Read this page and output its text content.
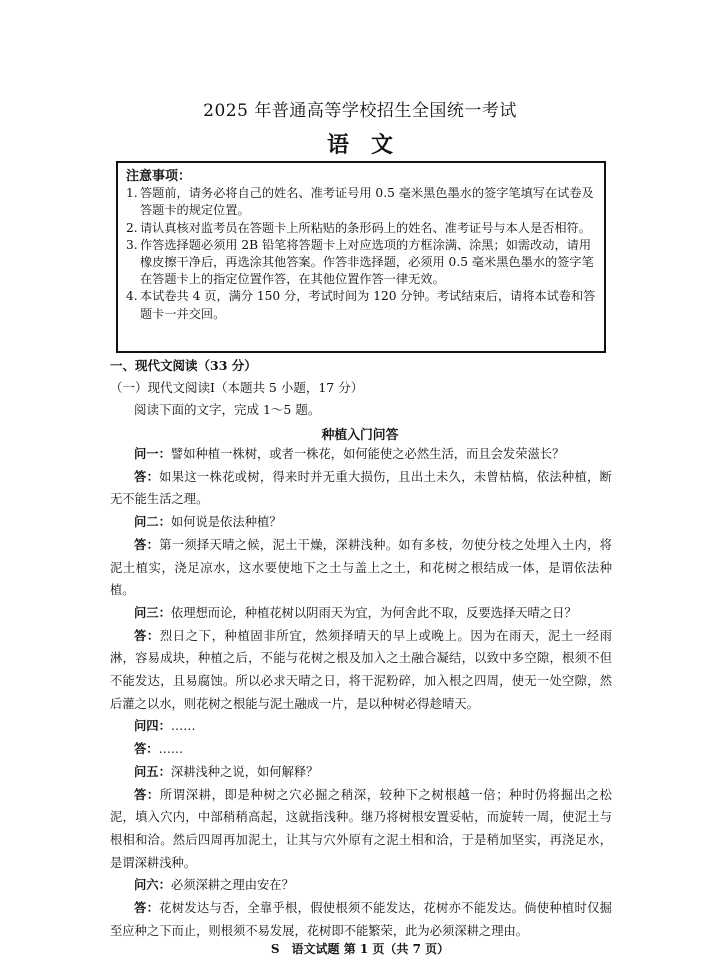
2025 年普通高等学校招生全国统一考试
语文
注意事项：
1. 答题前，请务必将自己的姓名、准考证号用 0.5 毫米黑色墨水的签字笔填写在试卷及答题卡的规定位置。
2. 请认真核对监考员在答题卡上所粘贴的条形码上的姓名、准考证号与本人是否相符。
3. 作答选择题必须用 2B 铅笔将答题卡上对应选项的方框涂满、涂黑；如需改动，请用橡皮擦干净后，再选涂其他答案。作答非选择题，必须用 0.5 毫米黑色墨水的签字笔在答题卡上的指定位置作答，在其他位置作答一律无效。
4. 本试卷共 4 页，满分 150 分，考试时间为 120 分钟。考试结束后，请将本试卷和答题卡一并交回。
一、现代文阅读（33 分）
（一）现代文阅读Ⅰ（本题共 5 小题，17 分）
阅读下面的文字，完成 1～5 题。
种植入门问答

问一：譬如种植一株树，或者一株花，如何能使之必然生活，而且会发荣滋长？

答：如果这一株花或树，得来时并无重大损伤，且出土未久，未曾枯槁，依法种植，断无不能生活之理。

问二：如何说是依法种植？

答：第一须择天晴之候，泥土干燥，深耕浅种。如有多枝，勿使分枝之处埋入土内，将泥土植实，浇足凉水，这水要使地下之土与盖上之土，和花树之根结成一体，是谓依法种植。

问三：依理想而论，种植花树以阴雨天为宜，为何舍此不取，反要选择天晴之日？

答：烈日之下，种植固非所宜，然须择晴天的早上或晚上。因为在雨天，泥土一经雨淋，容易成块，种植之后，不能与花树之根及加入之土融合凝结，以致中多空隙，根须不但不能发达，且易腐蚀。所以必求天晴之日，将干泥粉碎，加入根之四周，使无一处空隙，然后灌之以水，则花树之根能与泥土融成一片，是以种树必得趁晴天。

问四：……

答：……

问五：深耕浅种之说，如何解释？

答：所谓深耕，即是种树之穴必掘之稍深，较种下之树根越一倍；种时仍将掘出之松泥，填入穴内，中部稍稍高起，这就指浅种。继乃将树根安置妥帖，而旋转一周，使泥土与根相和洽。然后四周再加泥土，让其与穴外原有之泥土相和洽，于是稍加坚实，再浇足水，是谓深耕浅种。

问六：必须深耕之理由安在？

答：花树发达与否，全靠乎根，假使根须不能发达，花树亦不能发达。倘使种植时仅掘至应种之下而止，则根须不易发展，花树即不能繁荣，此为必须深耕之理由。

S　语文试题 第 1 页（共 7 页）
